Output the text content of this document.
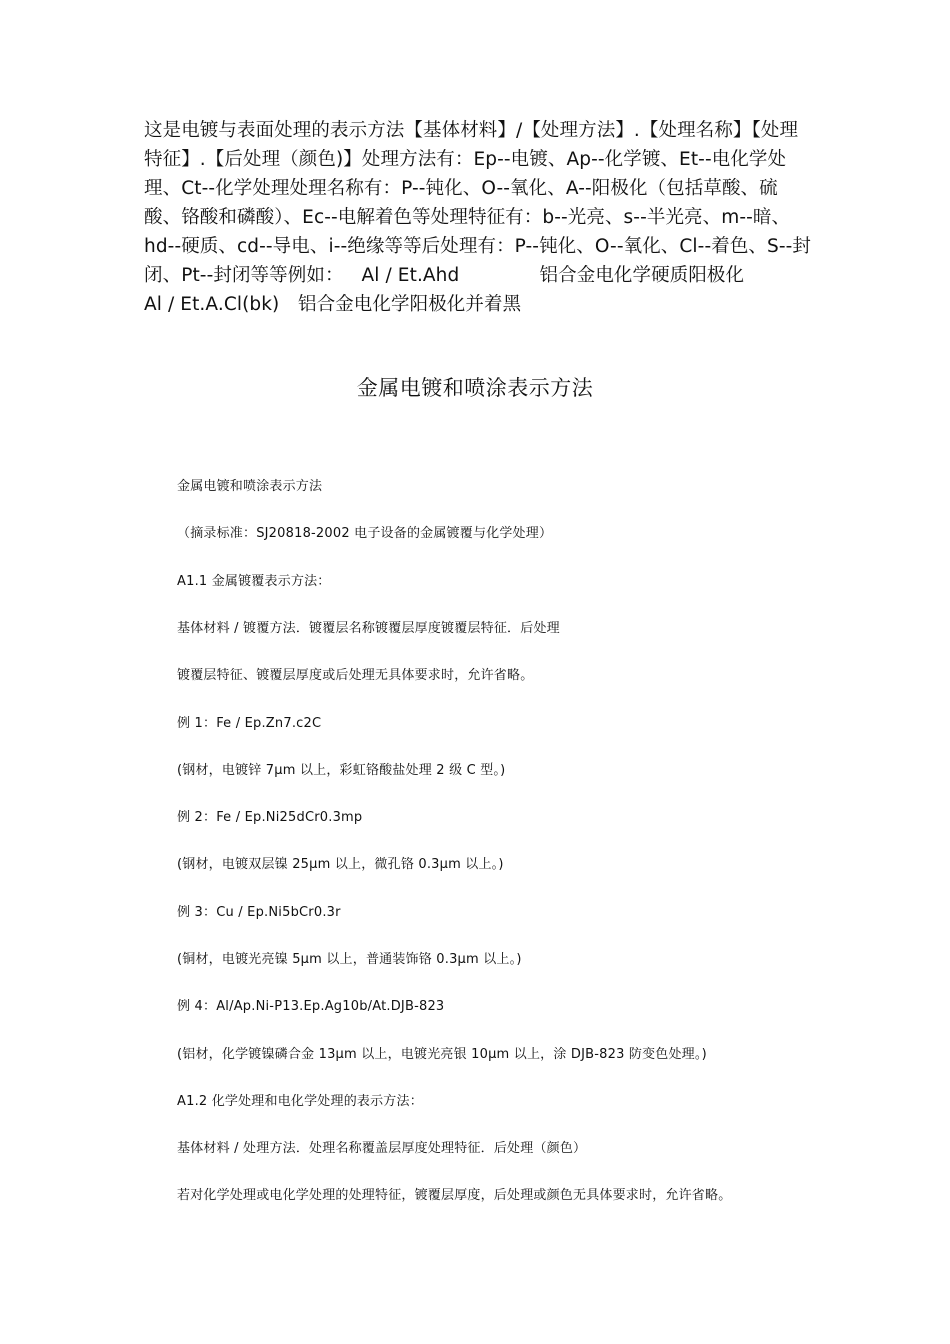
这是电镀与表面处理的表示方法【基体材料】/【处理方法】.【处理名称】【处理特征】.【后处理（颜色)】处理方法有：Ep--电镀、Ap--化学镀、Et--电化学处理、Ct--化学处理处理名称有：P--钝化、O--氧化、A--阳极化（包括草酸、硫酸、铬酸和磷酸）、Ec--电解着色等处理特征有：b--光亮、s--半光亮、m--暗、hd--硬质、cd--导电、i--绝缘等等后处理有：P--钝化、O--氧化、Cl--着色、S--封闭、Pt--封闭等等例如： Al / Et.Ahd	铝合金电化学硬质阳极化

Al / Et.A.Cl(bk) 铝合金电化学阳极化并着黑

金属电镀和喷涂表示方法
金属电镀和喷涂表示方法
（摘录标准：SJ20818-2002 电子设备的金属镀覆与化学处理）
A1.1 金属镀覆表示方法：
基体材料 / 镀覆方法．镀覆层名称镀覆层厚度镀覆层特征．后处理
镀覆层特征、镀覆层厚度或后处理无具体要求时，允许省略。
例 1：Fe / Ep.Zn7.c2C
(钢材，电镀锌 7μm 以上，彩虹铬酸盐处理 2 级 C 型。)
例 2：Fe / Ep.Ni25dCr0.3mp
(钢材，电镀双层镍 25μm 以上，微孔铬 0.3μm 以上。)
例 3：Cu / Ep.Ni5bCr0.3r
(铜材，电镀光亮镍 5μm 以上，普通装饰铬 0.3μm 以上。)
例 4：Al/Ap.Ni-P13.Ep.Ag10b/At.DJB-823
(铝材，化学镀镍磷合金 13μm 以上，电镀光亮银 10μm 以上，涂 DJB-823 防变色处理。)
A1.2 化学处理和电化学处理的表示方法：
基体材料 / 处理方法．处理名称覆盖层厚度处理特征．后处理（颜色）
若对化学处理或电化学处理的处理特征，镀覆层厚度，后处理或颜色无具体要求时，允许省略。
